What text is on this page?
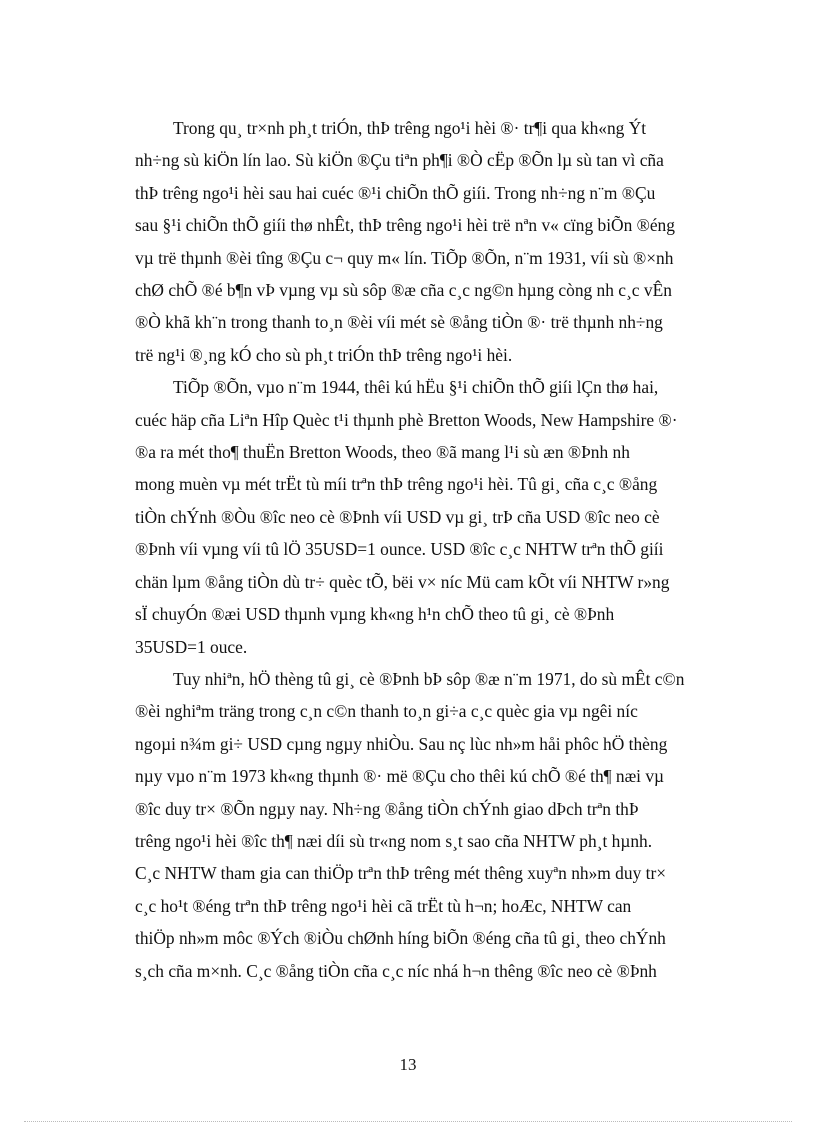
Trong qu¸ tr×nh ph¸t triÓn, thÞ trêng ngo¹i hèi ®· tr¶i qua kh«ng Ýt
nh÷ng sù kiÖn lín lao. Sù kiÖn ®Çu tiªn ph¶i ®Ò cËp ®Õn lµ sù tan vì cña
thÞ trêng ngo¹i hèi sau hai cuéc ®¹i chiÕn thÕ giíi. Trong nh÷ng n¨m ®Çu
sau §¹i chiÕn thÕ giíi thø nhÊt, thÞ trêng ngo¹i hèi trë nªn v« cïng biÕn ®éng
vµ trë thµnh ®èi tîng ®Çu c¬ quy m« lín. TiÕp ®Õn, n¨m 1931, víi sù ®×nh
chØ chÕ ®é b¶n vÞ vµng vµ sù sôp ®æ cña c¸c ng©n hµng còng nh c¸c vÊn
®Ò khã kh¨n trong thanh to¸n ®èi víi mét sè ®ång tiÒn ®· trë thµnh nh÷ng
trë ng¹i ®¸ng kÓ cho sù ph¸t triÓn thÞ trêng ngo¹i hèi.
TiÕp ®Õn, vµo n¨m 1944, thêi kú hËu §¹i chiÕn thÕ giíi lÇn thø hai,
cuéc häp cña Liªn Hîp Quèc t¹i thµnh phè Bretton Woods, New Hampshire ®·
®a ra mét tho¶ thuËn Bretton Woods, theo ®ã mang l¹i sù æn ®Þnh nh
mong muèn vµ mét trËt tù míi trªn thÞ trêng ngo¹i hèi. Tû gi¸ cña c¸c ®ång
tiÒn chÝnh ®Òu ®îc neo cè ®Þnh víi USD vµ gi¸ trÞ cña USD ®îc neo cè
®Þnh víi vµng víi tû lÖ 35USD=1 ounce. USD ®îc c¸c NHTW trªn thÕ giíi
chän lµm ®ång tiÒn dù tr÷ quèc tÕ, bëi v× níc Mü cam kÕt víi NHTW r»ng
sÏ chuyÓn ®æi USD thµnh vµng kh«ng h¹n chÕ theo tû gi¸ cè ®Þnh
35USD=1 ouce.
Tuy nhiªn, hÖ thèng tû gi¸ cè ®Þnh bÞ sôp ®æ n¨m 1971, do sù mÊt c©n
®èi nghiªm träng trong c¸n c©n thanh to¸n gi÷a c¸c quèc gia vµ ngêi níc
ngoµi n¾m gi÷ USD cµng ngµy nhiÒu. Sau nç lùc nh»m håi phôc hÖ thèng
nµy vµo n¨m 1973 kh«ng thµnh ®· më ®Çu cho thêi kú chÕ ®é th¶ næi vµ
®îc duy tr× ®Õn ngµy nay. Nh÷ng ®ång tiÒn chÝnh giao dÞch trªn thÞ
trêng ngo¹i hèi ®îc th¶ næi díi sù tr«ng nom s¸t sao cña NHTW ph¸t hµnh.
C¸c NHTW tham gia can thiÖp trªn thÞ trêng mét thêng xuyªn nh»m duy tr×
c¸c ho¹t ®éng trªn thÞ trêng ngo¹i hèi cã trËt tù h¬n; hoÆc, NHTW can
thiÖp nh»m môc ®Ých ®iÒu chØnh híng biÕn ®éng cña tû gi¸ theo chÝnh
s¸ch cña m×nh. C¸c ®ång tiÒn cña c¸c níc nhá h¬n thêng ®îc neo cè ®Þnh
13
